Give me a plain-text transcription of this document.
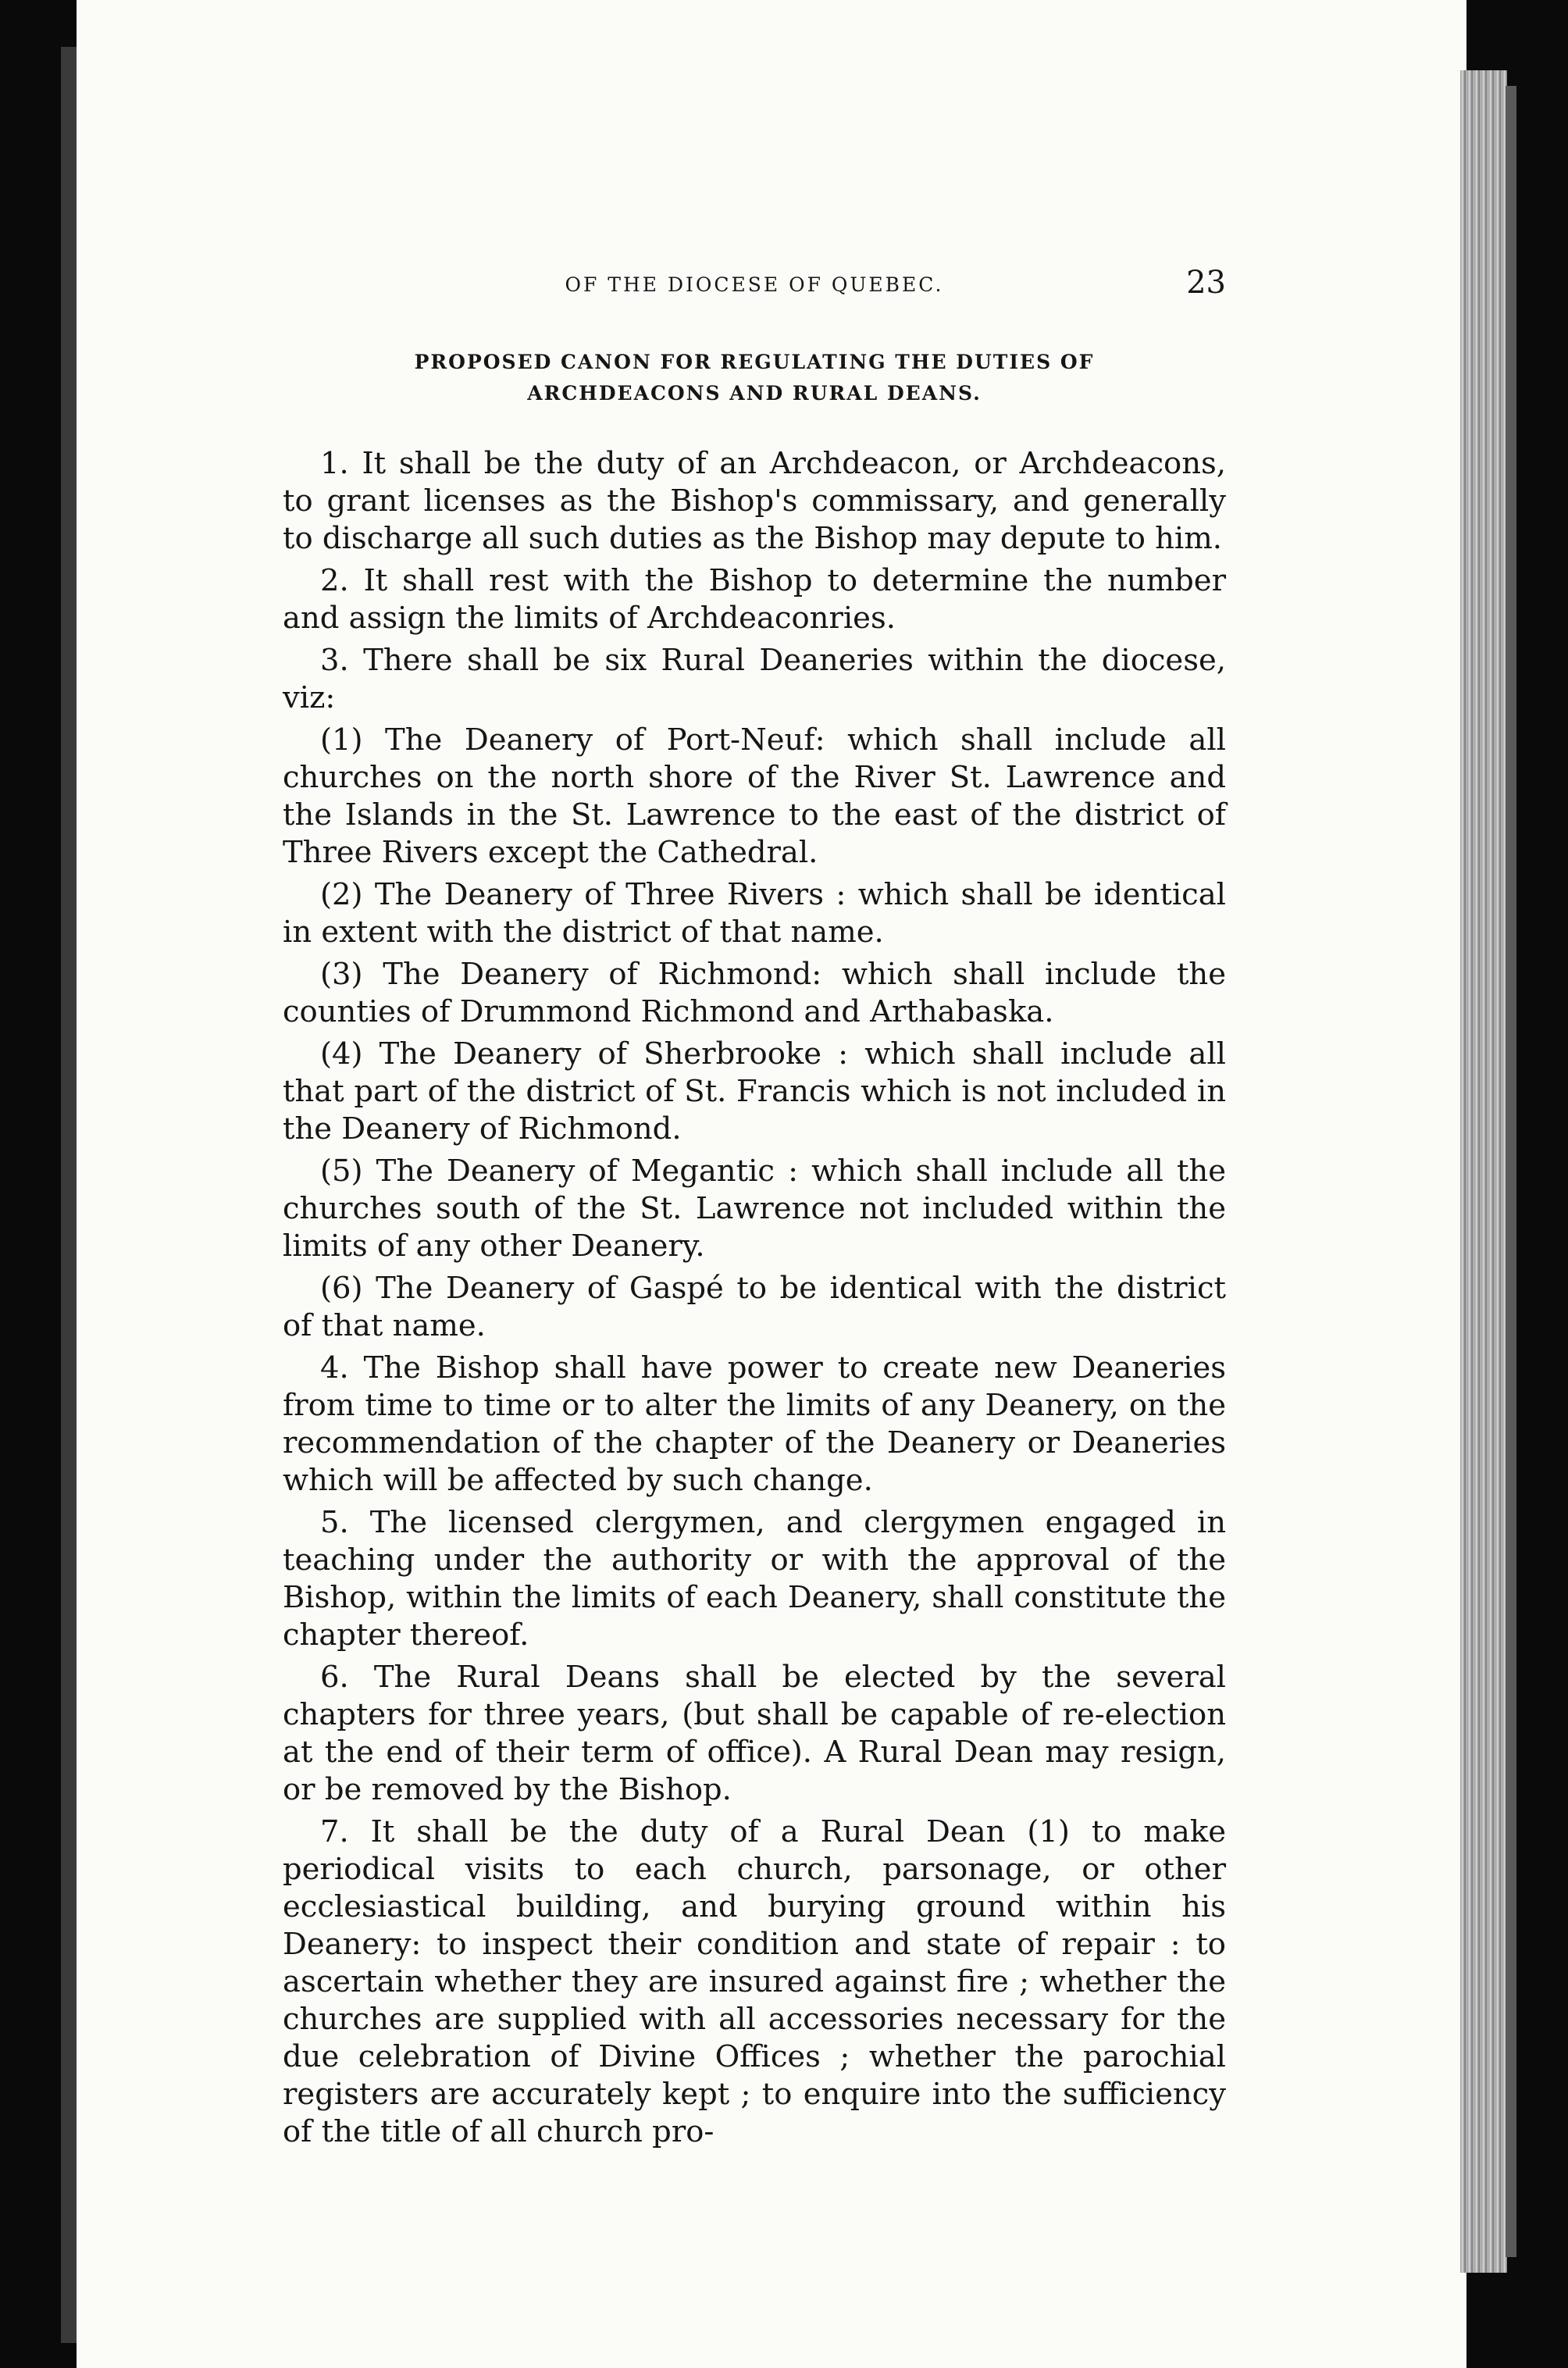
OF THE DIOCESE OF QUEBEC.	23
PROPOSED CANON FOR REGULATING THE DUTIES OF
ARCHDEACONS AND RURAL DEANS.

1. It shall be the duty of an Archdeacon, or Archdeacons, to grant licenses as the Bishop's commissary, and generally to discharge all such duties as the Bishop may depute to him.

2. It shall rest with the Bishop to determine the number and assign the limits of Archdeaconries.

3. There shall be six Rural Deaneries within the diocese, viz:

(1) The Deanery of Port-Neuf: which shall include all churches on the north shore of the River St. Lawrence and the Islands in the St. Lawrence to the east of the district of Three Rivers except the Cathedral.

(2) The Deanery of Three Rivers : which shall be identical in extent with the district of that name.

(3) The Deanery of Richmond: which shall include the counties of Drummond Richmond and Arthabaska.

(4) The Deanery of Sherbrooke : which shall include all that part of the district of St. Francis which is not included in the Deanery of Richmond.

(5) The Deanery of Megantic : which shall include all the churches south of the St. Lawrence not included within the limits of any other Deanery.

(6) The Deanery of Gaspé to be identical with the district of that name.

4. The Bishop shall have power to create new Deaneries from time to time or to alter the limits of any Deanery, on the recommendation of the chapter of the Deanery or Deaneries which will be affected by such change.

5. The licensed clergymen, and clergymen engaged in teaching under the authority or with the approval of the Bishop, within the limits of each Deanery, shall constitute the chapter thereof.

6. The Rural Deans shall be elected by the several chapters for three years, (but shall be capable of re-election at the end of their term of office). A Rural Dean may resign, or be removed by the Bishop.

7. It shall be the duty of a Rural Dean (1) to make periodical visits to each church, parsonage, or other ecclesiastical building, and burying ground within his Deanery: to inspect their condition and state of repair : to ascertain whether they are insured against fire ; whether the churches are supplied with all accessories necessary for the due celebration of Divine Offices ; whether the parochial registers are accurately kept ; to enquire into the sufficiency of the title of all church pro-
